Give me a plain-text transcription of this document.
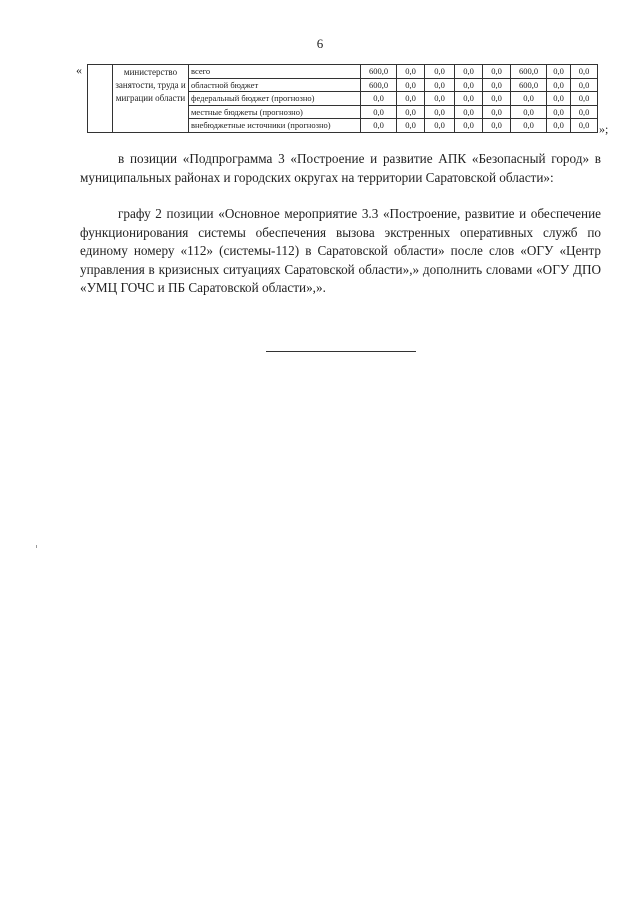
6
«
		министерство занятости, труда и миграции области	всего	600,0	0,0	0,0	0,0	0,0	600,0	0,0	0,0
		областной бюджет	600,0	0,0	0,0	0,0	0,0	600,0	0,0	0,0
		федеральный бюджет (прогнозно)	0,0	0,0	0,0	0,0	0,0	0,0	0,0	0,0
		местные бюджеты (прогнозно)	0,0	0,0	0,0	0,0	0,0	0,0	0,0	0,0
		внебюджетные источники (прогнозно)	0,0	0,0	0,0	0,0	0,0	0,0	0,0	0,0 »;

в позиции «Подпрограмма 3 «Построение и развитие АПК «Безопасный город» в муниципальных районах и городских округах на территории Саратовской области»:

графу 2 позиции «Основное мероприятие 3.3 «Построение, развитие и обеспечение функционирования системы обеспечения вызова экстренных оперативных служб по единому номеру «112» (системы-112) в Саратовской области» после слов «ОГУ «Центр управления в кризисных ситуациях Саратовской области»,» дополнить словами «ОГУ ДПО «УМЦ ГОЧС и ПБ Саратовской области»,».
